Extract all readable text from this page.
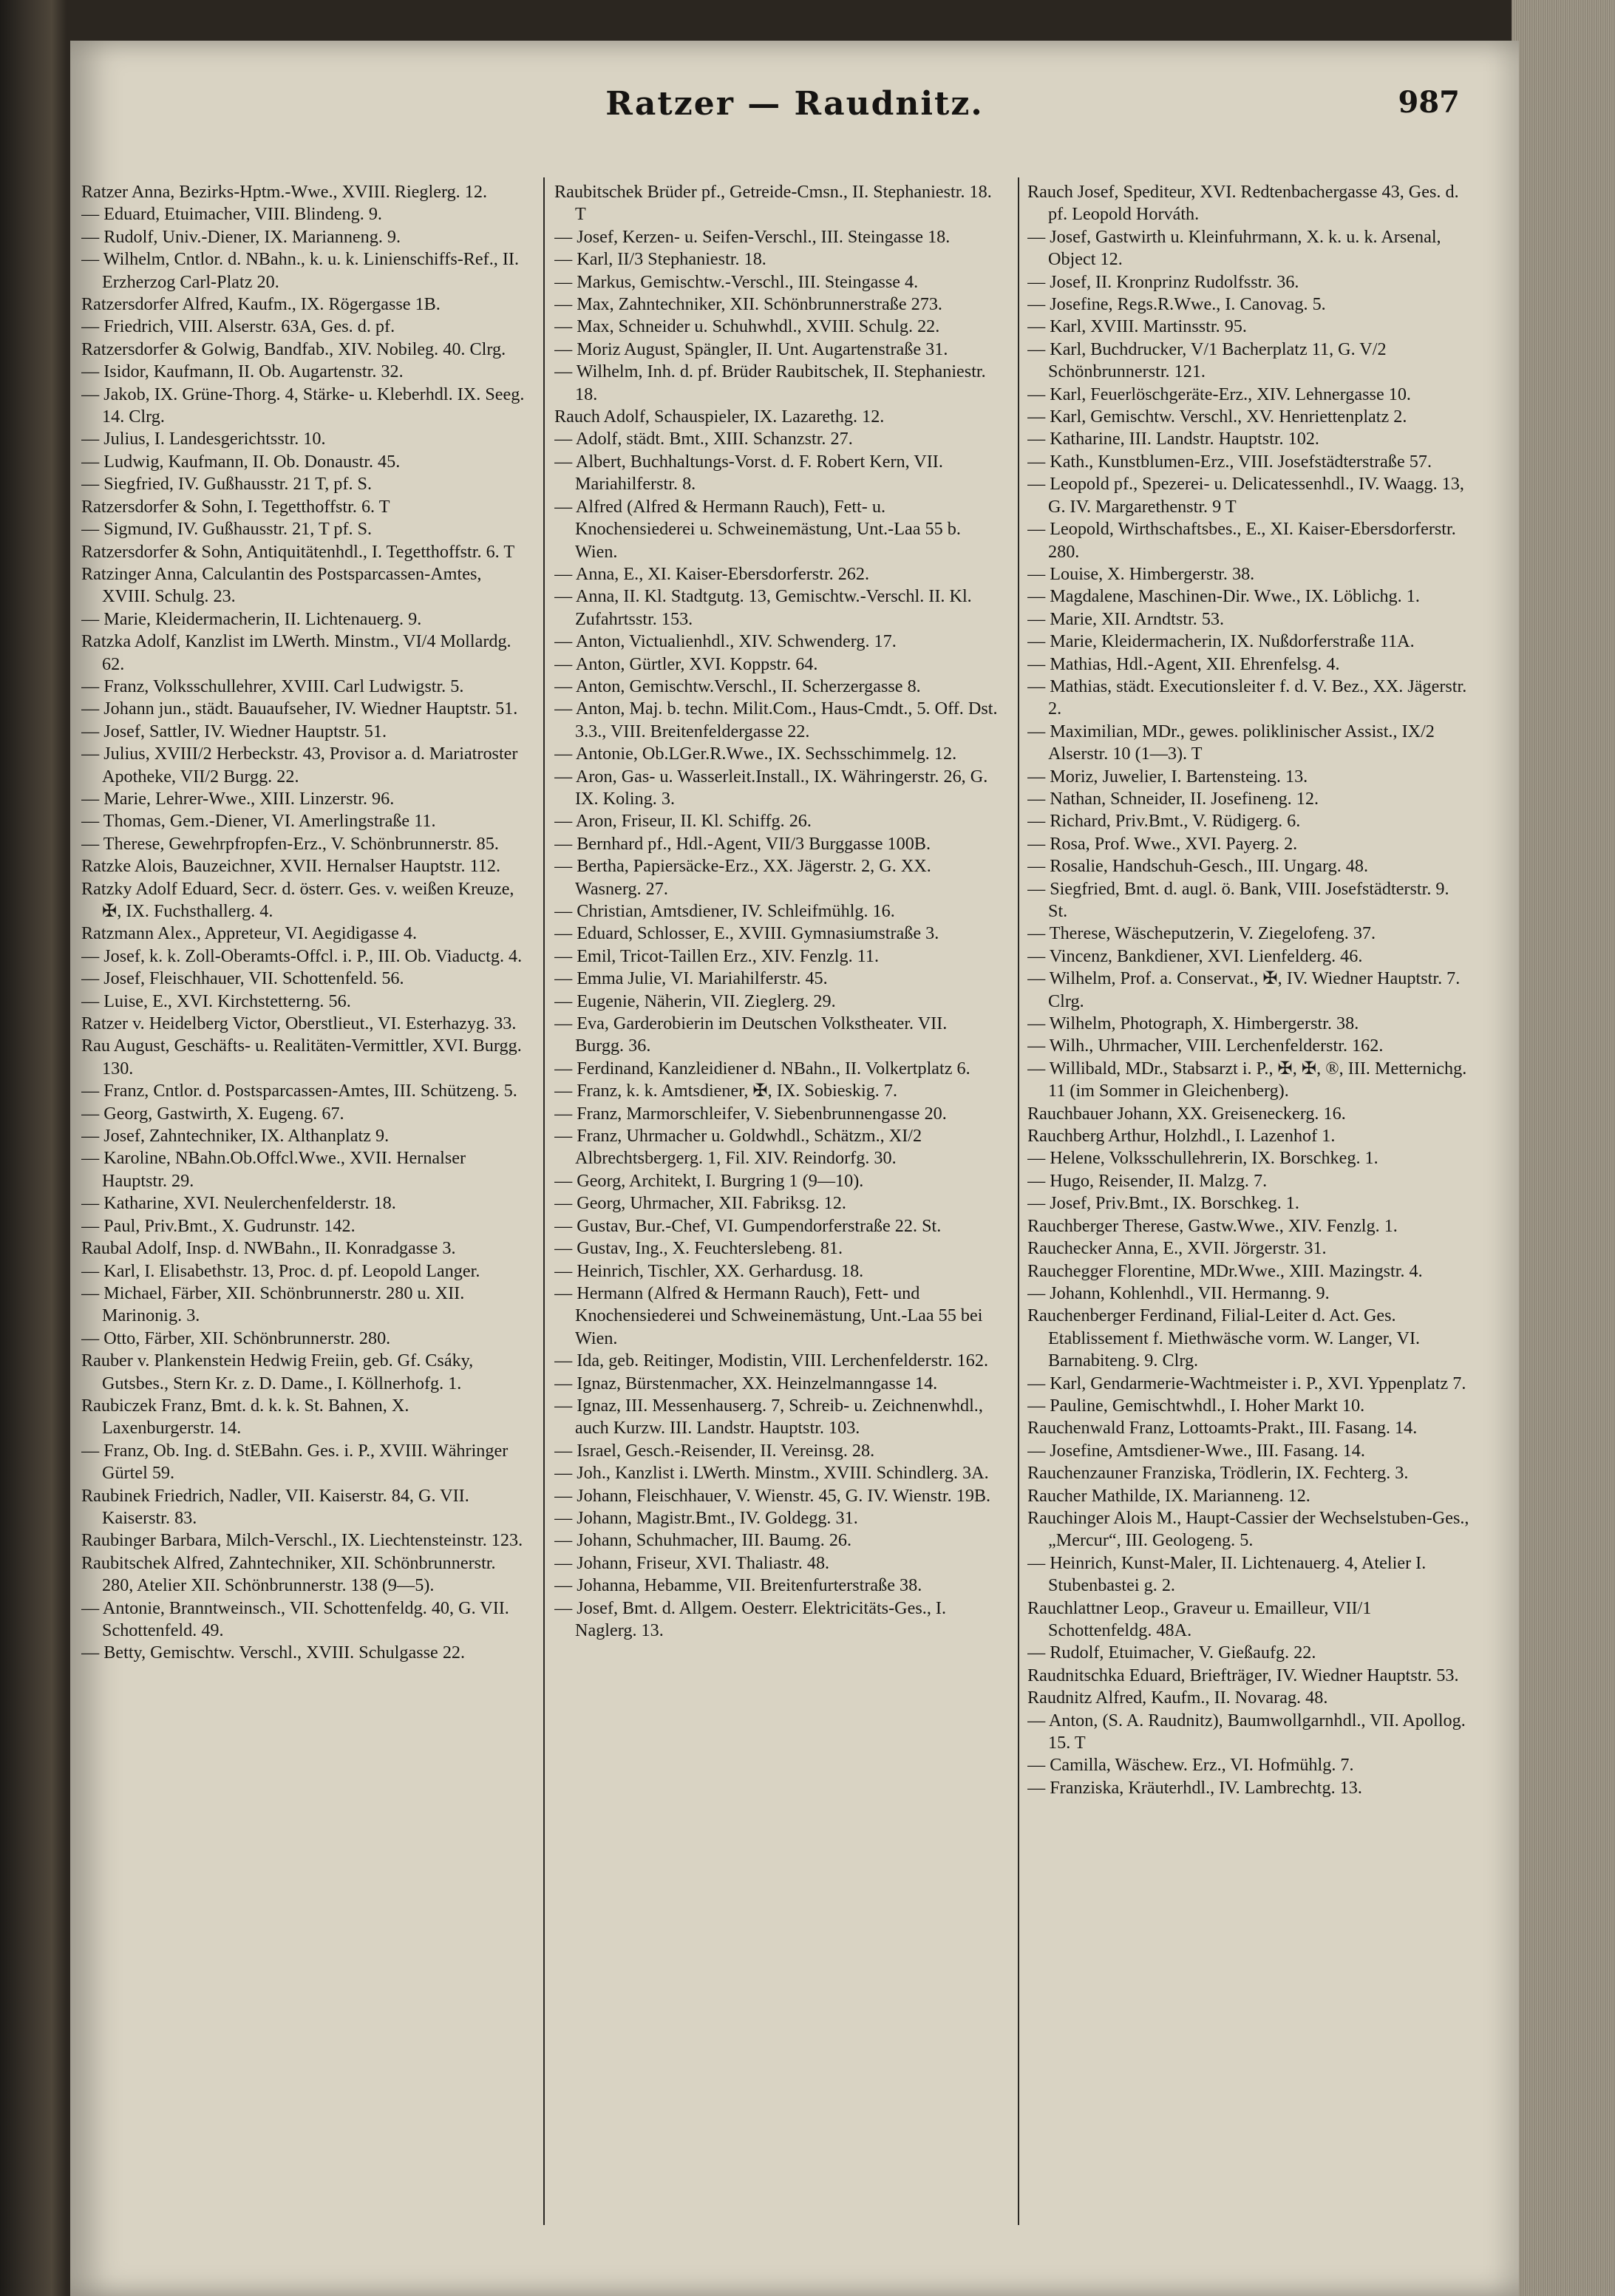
Ratzer — Raudnitz.	987

Ratzer Anna, Bezirks-Hptm.-Wwe., XVIII. Rieglerg. 12.

— Eduard, Etuimacher, VIII. Blindeng. 9.

— Rudolf, Univ.-Diener, IX. Marianneng. 9.

— Wilhelm, Cntlor. d. NBahn., k. u. k. Linienschiffs-Ref., II. Erzherzog Carl-Platz 20.

Ratzersdorfer Alfred, Kaufm., IX. Rögergasse 1B.

— Friedrich, VIII. Alserstr. 63A, Ges. d. pf.

Ratzersdorfer & Golwig, Bandfab., XIV. Nobileg. 40. Clrg.

— Isidor, Kaufmann, II. Ob. Augartenstr. 32.

— Jakob, IX. Grüne-Thorg. 4, Stärke- u. Kleberhdl. IX. Seeg. 14. Clrg.

— Julius, I. Landesgerichtsstr. 10.

— Ludwig, Kaufmann, II. Ob. Donaustr. 45.

— Siegfried, IV. Gußhausstr. 21 T, pf. S.

Ratzersdorfer & Sohn, I. Tegetthoffstr. 6. T

— Sigmund, IV. Gußhausstr. 21, T pf. S.

Ratzersdorfer & Sohn, Antiquitätenhdl., I. Tegetthoffstr. 6. T

Ratzinger Anna, Calculantin des Postsparcassen-Amtes, XVIII. Schulg. 23.

— Marie, Kleidermacherin, II. Lichtenauerg. 9.

Ratzka Adolf, Kanzlist im LWerth. Minstm., VI/4 Mollardg. 62.

— Franz, Volksschullehrer, XVIII. Carl Ludwigstr. 5.

— Johann jun., städt. Bauaufseher, IV. Wiedner Hauptstr. 51.

— Josef, Sattler, IV. Wiedner Hauptstr. 51.

— Julius, XVIII/2 Herbeckstr. 43, Provisor a. d. Mariatroster Apotheke, VII/2 Burgg. 22.

— Marie, Lehrer-Wwe., XIII. Linzerstr. 96.

— Thomas, Gem.-Diener, VI. Amerlingstraße 11.

— Therese, Gewehrpfropfen-Erz., V. Schönbrunnerstr. 85.

Ratzke Alois, Bauzeichner, XVII. Hernalser Hauptstr. 112.

Ratzky Adolf Eduard, Secr. d. österr. Ges. v. weißen Kreuze, ✠, IX. Fuchsthallerg. 4.

Ratzmann Alex., Appreteur, VI. Aegidigasse 4.

— Josef, k. k. Zoll-Oberamts-Offcl. i. P., III. Ob. Viaductg. 4.

— Josef, Fleischhauer, VII. Schottenfeld. 56.

— Luise, E., XVI. Kirchstetterng. 56.

Ratzer v. Heidelberg Victor, Oberstlieut., VI. Esterhazyg. 33.

Rau August, Geschäfts- u. Realitäten-Vermittler, XVI. Burgg. 130.

— Franz, Cntlor. d. Postsparcassen-Amtes, III. Schützeng. 5.

— Georg, Gastwirth, X. Eugeng. 67.

— Josef, Zahntechniker, IX. Althanplatz 9.

— Karoline, NBahn.Ob.Offcl.Wwe., XVII. Hernalser Hauptstr. 29.

— Katharine, XVI. Neulerchenfelderstr. 18.

— Paul, Priv.Bmt., X. Gudrunstr. 142.

Raubal Adolf, Insp. d. NWBahn., II. Konradgasse 3.

— Karl, I. Elisabethstr. 13, Proc. d. pf. Leopold Langer.

— Michael, Färber, XII. Schönbrunnerstr. 280 u. XII. Marinonig. 3.

— Otto, Färber, XII. Schönbrunnerstr. 280.

Rauber v. Plankenstein Hedwig Freiin, geb. Gf. Csáky, Gutsbes., Stern Kr. z. D. Dame., I. Köllnerhofg. 1.

Raubiczek Franz, Bmt. d. k. k. St. Bahnen, X. Laxenburgerstr. 14.

— Franz, Ob. Ing. d. StEBahn. Ges. i. P., XVIII. Währinger Gürtel 59.

Raubinek Friedrich, Nadler, VII. Kaiserstr. 84, G. VII. Kaiserstr. 83.

Raubinger Barbara, Milch-Verschl., IX. Liechtensteinstr. 123.

Raubitschek Alfred, Zahntechniker, XII. Schönbrunnerstr. 280, Atelier XII. Schönbrunnerstr. 138 (9—5).

— Antonie, Branntweinsch., VII. Schottenfeldg. 40, G. VII. Schottenfeld. 49.

— Betty, Gemischtw. Verschl., XVIII. Schulgasse 22.

Raubitschek Brüder pf., Getreide-Cmsn., II. Stephaniestr. 18. T

— Josef, Kerzen- u. Seifen-Verschl., III. Steingasse 18.

— Karl, II/3 Stephaniestr. 18.

— Markus, Gemischtw.-Verschl., III. Steingasse 4.

— Max, Zahntechniker, XII. Schönbrunnerstraße 273.

— Max, Schneider u. Schuhwhdl., XVIII. Schulg. 22.

— Moriz August, Spängler, II. Unt. Augartenstraße 31.

— Wilhelm, Inh. d. pf. Brüder Raubitschek, II. Stephaniestr. 18.

Rauch Adolf, Schauspieler, IX. Lazarethg. 12.

— Adolf, städt. Bmt., XIII. Schanzstr. 27.

— Albert, Buchhaltungs-Vorst. d. F. Robert Kern, VII. Mariahilferstr. 8.

— Alfred (Alfred & Hermann Rauch), Fett- u. Knochensiederei u. Schweinemästung, Unt.-Laa 55 b. Wien.

— Anna, E., XI. Kaiser-Ebersdorferstr. 262.

— Anna, II. Kl. Stadtgutg. 13, Gemischtw.-Verschl. II. Kl. Zufahrtsstr. 153.

— Anton, Victualienhdl., XIV. Schwenderg. 17.

— Anton, Gürtler, XVI. Koppstr. 64.

— Anton, Gemischtw.Verschl., II. Scherzergasse 8.

— Anton, Maj. b. techn. Milit.Com., Haus-Cmdt., 5. Off. Dst. 3.3., VIII. Breitenfeldergasse 22.

— Antonie, Ob.LGer.R.Wwe., IX. Sechsschimmelg. 12.

— Aron, Gas- u. Wasserleit.Install., IX. Währingerstr. 26, G. IX. Koling. 3.

— Aron, Friseur, II. Kl. Schiffg. 26.

— Bernhard pf., Hdl.-Agent, VII/3 Burggasse 100B.

— Bertha, Papiersäcke-Erz., XX. Jägerstr. 2, G. XX. Wasnerg. 27.

— Christian, Amtsdiener, IV. Schleifmühlg. 16.

— Eduard, Schlosser, E., XVIII. Gymnasiumstraße 3.

— Emil, Tricot-Taillen Erz., XIV. Fenzlg. 11.

— Emma Julie, VI. Mariahilferstr. 45.

— Eugenie, Näherin, VII. Zieglerg. 29.

— Eva, Garderobierin im Deutschen Volkstheater. VII. Burgg. 36.

— Ferdinand, Kanzleidiener d. NBahn., II. Volkertplatz 6.

— Franz, k. k. Amtsdiener, ✠, IX. Sobieskig. 7.

— Franz, Marmorschleifer, V. Siebenbrunnengasse 20.

— Franz, Uhrmacher u. Goldwhdl., Schätzm., XI/2 Albrechtsbergerg. 1, Fil. XIV. Reindorfg. 30.

— Georg, Architekt, I. Burgring 1 (9—10).

— Georg, Uhrmacher, XII. Fabriksg. 12.

— Gustav, Bur.-Chef, VI. Gumpendorferstraße 22. St.

— Gustav, Ing., X. Feuchterslebeng. 81.

— Heinrich, Tischler, XX. Gerhardusg. 18.

— Hermann (Alfred & Hermann Rauch), Fett- und Knochensiederei und Schweinemästung, Unt.-Laa 55 bei Wien.

— Ida, geb. Reitinger, Modistin, VIII. Lerchenfelderstr. 162.

— Ignaz, Bürstenmacher, XX. Heinzelmanngasse 14.

— Ignaz, III. Messenhauserg. 7, Schreib- u. Zeichnenwhdl., auch Kurzw. III. Landstr. Hauptstr. 103.

— Israel, Gesch.-Reisender, II. Vereinsg. 28.

— Joh., Kanzlist i. LWerth. Minstm., XVIII. Schindlerg. 3A.

— Johann, Fleischhauer, V. Wienstr. 45, G. IV. Wienstr. 19B.

— Johann, Magistr.Bmt., IV. Goldegg. 31.

— Johann, Schuhmacher, III. Baumg. 26.

— Johann, Friseur, XVI. Thaliastr. 48.

— Johanna, Hebamme, VII. Breitenfurterstraße 38.

— Josef, Bmt. d. Allgem. Oesterr. Elektricitäts-Ges., I. Naglerg. 13.

Rauch Josef, Spediteur, XVI. Redtenbachergasse 43, Ges. d. pf. Leopold Horváth.

— Josef, Gastwirth u. Kleinfuhrmann, X. k. u. k. Arsenal, Object 12.

— Josef, II. Kronprinz Rudolfsstr. 36.

— Josefine, Regs.R.Wwe., I. Canovag. 5.

— Karl, XVIII. Martinsstr. 95.

— Karl, Buchdrucker, V/1 Bacherplatz 11, G. V/2 Schönbrunnerstr. 121.

— Karl, Feuerlöschgeräte-Erz., XIV. Lehnergasse 10.

— Karl, Gemischtw. Verschl., XV. Henriettenplatz 2.

— Katharine, III. Landstr. Hauptstr. 102.

— Kath., Kunstblumen-Erz., VIII. Josefstädterstraße 57.

— Leopold pf., Spezerei- u. Delicatessenhdl., IV. Waagg. 13, G. IV. Margarethenstr. 9 T

— Leopold, Wirthschaftsbes., E., XI. Kaiser-Ebersdorferstr. 280.

— Louise, X. Himbergerstr. 38.

— Magdalene, Maschinen-Dir. Wwe., IX. Löblichg. 1.

— Marie, XII. Arndtstr. 53.

— Marie, Kleidermacherin, IX. Nußdorferstraße 11A.

— Mathias, Hdl.-Agent, XII. Ehrenfelsg. 4.

— Mathias, städt. Executionsleiter f. d. V. Bez., XX. Jägerstr. 2.

— Maximilian, MDr., gewes. poliklinischer Assist., IX/2 Alserstr. 10 (1—3). T

— Moriz, Juwelier, I. Bartensteing. 13.

— Nathan, Schneider, II. Josefineng. 12.

— Richard, Priv.Bmt., V. Rüdigerg. 6.

— Rosa, Prof. Wwe., XVI. Payerg. 2.

— Rosalie, Handschuh-Gesch., III. Ungarg. 48.

— Siegfried, Bmt. d. augl. ö. Bank, VIII. Josefstädterstr. 9. St.

— Therese, Wäscheputzerin, V. Ziegelofeng. 37.

— Vincenz, Bankdiener, XVI. Lienfelderg. 46.

— Wilhelm, Prof. a. Conservat., ✠, IV. Wiedner Hauptstr. 7. Clrg.

— Wilhelm, Photograph, X. Himbergerstr. 38.

— Wilh., Uhrmacher, VIII. Lerchenfelderstr. 162.

— Willibald, MDr., Stabsarzt i. P., ✠, ✠, ®, III. Metternichg. 11 (im Sommer in Gleichenberg).

Rauchbauer Johann, XX. Greiseneckerg. 16.

Rauchberg Arthur, Holzhdl., I. Lazenhof 1.

— Helene, Volksschullehrerin, IX. Borschkeg. 1.

— Hugo, Reisender, II. Malzg. 7.

— Josef, Priv.Bmt., IX. Borschkeg. 1.

Rauchberger Therese, Gastw.Wwe., XIV. Fenzlg. 1.

Rauchecker Anna, E., XVII. Jörgerstr. 31.

Rauchegger Florentine, MDr.Wwe., XIII. Mazingstr. 4.

— Johann, Kohlenhdl., VII. Hermanng. 9.

Rauchenberger Ferdinand, Filial-Leiter d. Act. Ges. Etablissement f. Miethwäsche vorm. W. Langer, VI. Barnabiteng. 9. Clrg.

— Karl, Gendarmerie-Wachtmeister i. P., XVI. Yppenplatz 7.

— Pauline, Gemischtwhdl., I. Hoher Markt 10.

Rauchenwald Franz, Lottoamts-Prakt., III. Fasang. 14.

— Josefine, Amtsdiener-Wwe., III. Fasang. 14.

Rauchenzauner Franziska, Trödlerin, IX. Fechterg. 3.

Raucher Mathilde, IX. Marianneng. 12.

Rauchinger Alois M., Haupt-Cassier der Wechselstuben-Ges., „Mercur“, III. Geologeng. 5.

— Heinrich, Kunst-Maler, II. Lichtenauerg. 4, Atelier I. Stubenbastei g. 2.

Rauchlattner Leop., Graveur u. Emailleur, VII/1 Schottenfeldg. 48A.

— Rudolf, Etuimacher, V. Gießaufg. 22.

Raudnitschka Eduard, Briefträger, IV. Wiedner Hauptstr. 53.

Raudnitz Alfred, Kaufm., II. Novarag. 48.

— Anton, (S. A. Raudnitz), Baumwollgarnhdl., VII. Apollog. 15. T

— Camilla, Wäschew. Erz., VI. Hofmühlg. 7.

— Franziska, Kräuterhdl., IV. Lambrechtg. 13.
